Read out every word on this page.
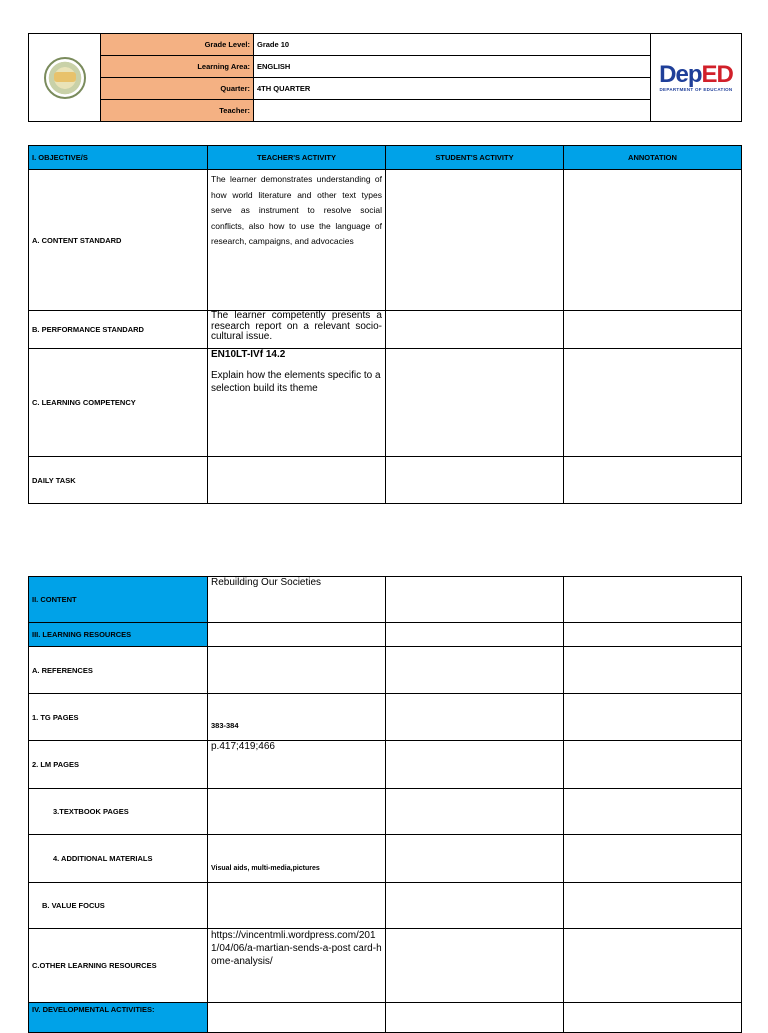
	Grade Level:	Grade 10	DepED
DEPARTMENT OF EDUCATION

	Learning Area:	ENGLISH	
	Quarter:	4TH QUARTER	
	Teacher:		
I. OBJECTIVE/S	TEACHER'S ACTIVITY	STUDENT'S ACTIVITY	ANNOTATION
A. CONTENT STANDARD	The learner demonstrates understanding of how world literature and other text types serve as instrument to resolve social conflicts, also how to use the language of research, campaigns, and advocacies		
B. PERFORMANCE STANDARD	The learner competently presents a research report on a relevant socio-cultural issue.		
C. LEARNING COMPETENCY	EN10LT-IVf 14.2
Explain how the elements specific to a selection build its theme		

DAILY TASK			
II. CONTENT	Rebuilding Our Societies		
III. LEARNING RESOURCES			
A. REFERENCES			
1. TG PAGES	383-384		
2. LM PAGES	p.417;419;466		
3.TEXTBOOK PAGES			
4. ADDITIONAL MATERIALS	Visual aids, multi-media,pictures		
B. VALUE FOCUS			
C.OTHER LEARNING RESOURCES	https://vincentmli.wordpress.com/2011/04/06/a-martian-sends-a-post card-home-analysis/		
IV. DEVELOPMENTAL ACTIVITIES:			
